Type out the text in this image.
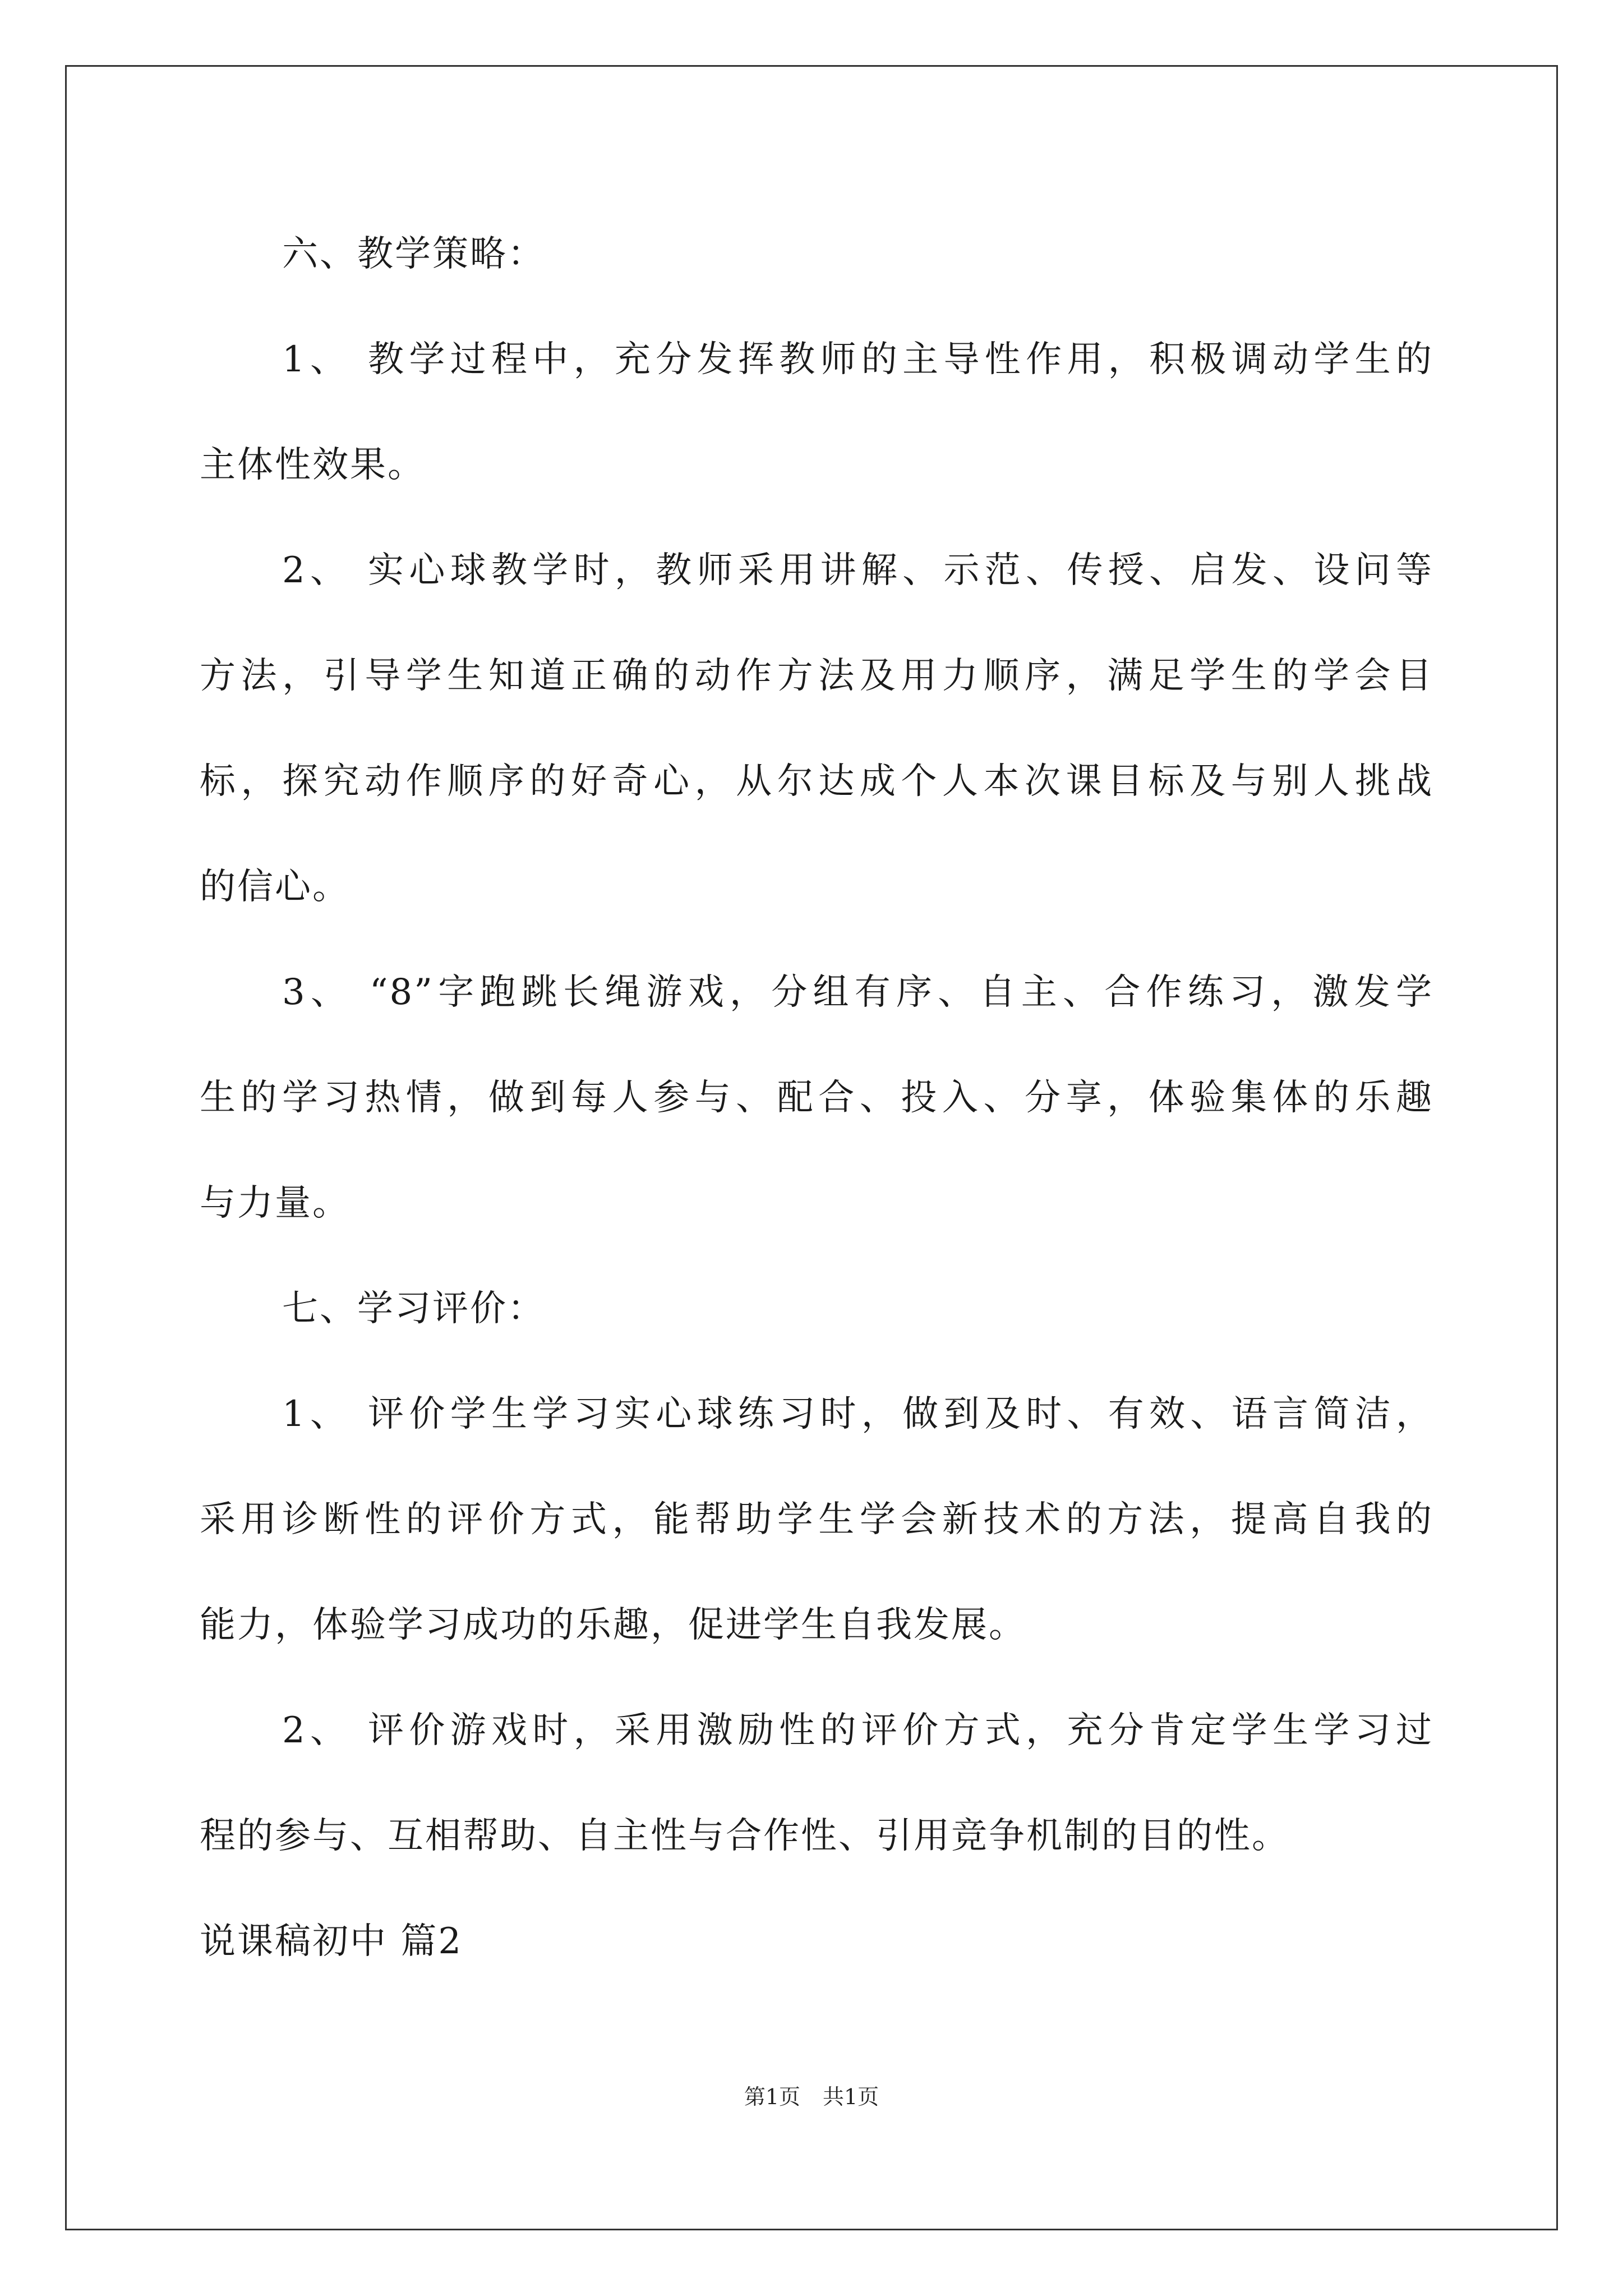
六、教学策略：
1、 教学过程中，充分发挥教师的主导性作用，积极调动学生的
主体性效果。
2、 实心球教学时，教师采用讲解、示范、传授、启发、设问等
方法，引导学生知道正确的动作方法及用力顺序，满足学生的学会目
标，探究动作顺序的好奇心，从尔达成个人本次课目标及与别人挑战
的信心。
3、 “8”字跑跳长绳游戏，分组有序、自主、合作练习，激发学
生的学习热情，做到每人参与、配合、投入、分享，体验集体的乐趣
与力量。
七、学习评价：
1、 评价学生学习实心球练习时，做到及时、有效、语言简洁，
采用诊断性的评价方式，能帮助学生学会新技术的方法，提高自我的
能力，体验学习成功的乐趣，促进学生自我发展。
2、 评价游戏时，采用激励性的评价方式，充分肯定学生学习过
程的参与、互相帮助、自主性与合作性、引用竞争机制的目的性。
说课稿初中 篇2
第1页 共1页
